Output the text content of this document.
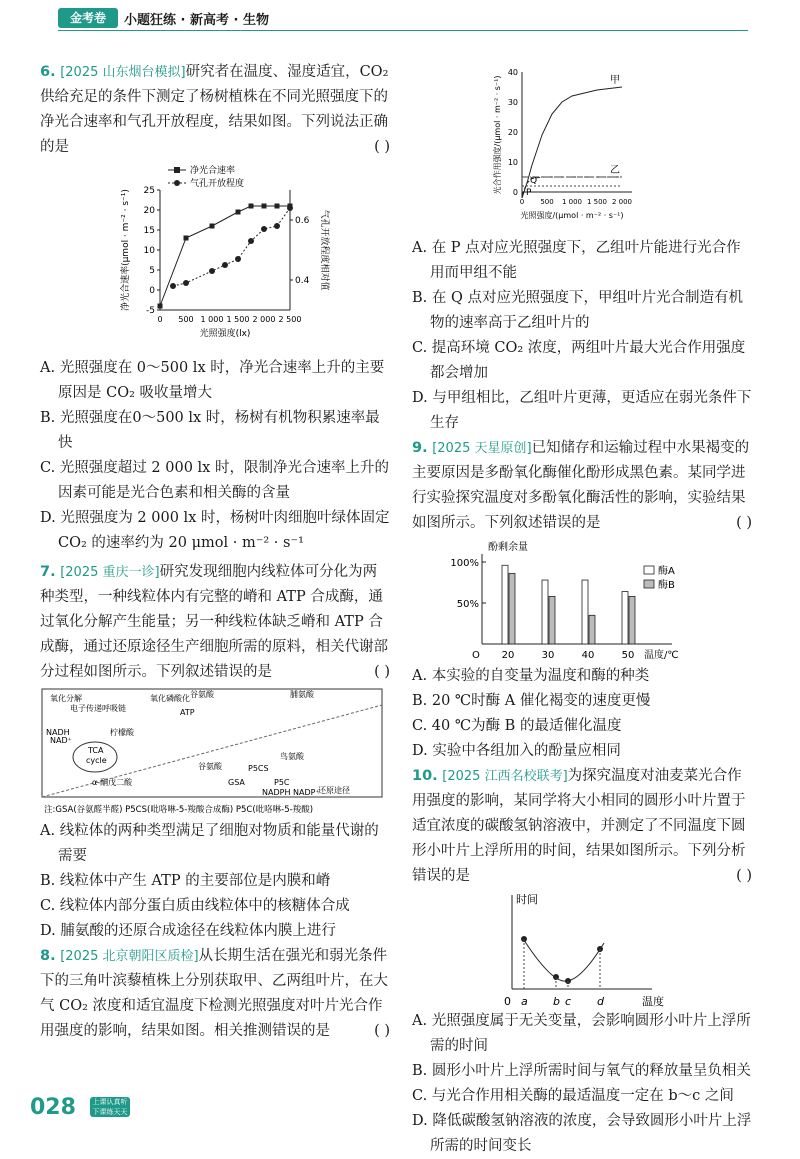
金考卷	小题狂练 · 新高考 · 生物

6. [2025 山东烟台模拟]研究者在温度、湿度适宜，CO₂ 供给充足的条件下测定了杨树植株在不同光照强度下的净光合速率和气孔开放程度，结果如图。下列说法正确的是	( )

-5
0
5
10
15
20
25
0.4
0.6
0 500 1 000 1 500 2 000 2 500
光照强度(lx)
净光合速率(μmol · m⁻² · s⁻¹)	气孔开放程度相对值
净光合速率
气孔开放程度

A. 光照强度在 0～500 lx 时，净光合速率上升的主要原因是 CO₂ 吸收量增大

B. 光照强度在0～500 lx 时，杨树有机物积累速率最快

C. 光照强度超过 2 000 lx 时，限制净光合速率上升的因素可能是光合色素和相关酶的含量

D. 光照强度为 2 000 lx 时，杨树叶肉细胞叶绿体固定 CO₂ 的速率约为 20 μmol · m⁻² · s⁻¹

7. [2025 重庆一诊]研究发现细胞内线粒体可分化为两种类型，一种线粒体内有完整的嵴和 ATP 合成酶，通过氧化分解产生能量；另一种线粒体缺乏嵴和 ATP 合成酶，通过还原途径生产细胞所需的原料，相关代谢部分过程如图所示。下列叙述错误的是	( )

氧化分解
电子传递呼吸链
氧化磷酸化
ATP
谷氨酸	脯氨酸
NAD⁺
NADH
TCA
cycle
柠檬酸
α-酮戊二酸
谷氨酸	P5CS
GSA	P5C
鸟氨酸
NADPH NADP⁺
还原途径
注:GSA(谷氨醛半醛) P5CS(吡咯啉-5-羧酸合成酶) P5C(吡咯啉-5-羧酸)

A. 线粒体的两种类型满足了细胞对物质和能量代谢的需要

B. 线粒体中产生 ATP 的主要部位是内膜和嵴

C. 线粒体内部分蛋白质由线粒体中的核糖体合成

D. 脯氨酸的还原合成途径在线粒体内膜上进行

8. [2025 北京朝阳区质检]从长期生活在强光和弱光条件下的三角叶滨藜植株上分别获取甲、乙两组叶片，在大气 CO₂ 浓度和适宜温度下检测光照强度对叶片光合作用强度的影响，结果如图。相关推测错误的是	( )

0
10
20
30
40
0 500 1 000 1 500 2 000
光照强度/(μmol · m⁻² · s⁻¹)
光合作用强度/(μmol · m⁻² · s⁻¹)	甲
乙
Q
P

A. 在 P 点对应光照强度下，乙组叶片能进行光合作用而甲组不能

B. 在 Q 点对应光照强度下，甲组叶片光合制造有机物的速率高于乙组叶片的

C. 提高环境 CO₂ 浓度，两组叶片最大光合作用强度都会增加

D. 与甲组相比，乙组叶片更薄，更适应在弱光条件下生存

9. [2025 天星原创]已知储存和运输过程中水果褐变的主要原因是多酚氧化酶催化酚形成黑色素。某同学进行实验探究温度对多酚氧化酶活性的影响，实验结果如图所示。下列叙述错误的是	( )

酚剩余量
50%
100%
O 20	30	40	50 温度/℃
酶A
酶B

A. 本实验的自变量为温度和酶的种类

B. 20 ℃时酶 A 催化褐变的速度更慢

C. 40 ℃为酶 B 的最适催化温度

D. 实验中各组加入的酚量应相同

10. [2025 江西名校联考]为探究温度对油麦菜光合作用强度的影响，某同学将大小相同的圆形小叶片置于适宜浓度的碳酸氢钠溶液中，并测定了不同温度下圆形小叶片上浮所用的时间，结果如图所示。下列分析错误的是	( )

时间
温度
0 a b c d

A. 光照强度属于无关变量，会影响圆形小叶片上浮所需的时间

B. 圆形小叶片上浮所需时间与氧气的释放量呈负相关

C. 与光合作用相关酶的最适温度一定在 b～c 之间

D. 降低碳酸氢钠溶液的浓度，会导致圆形小叶片上浮所需的时间变长

028	上课认真听 下课练天天
